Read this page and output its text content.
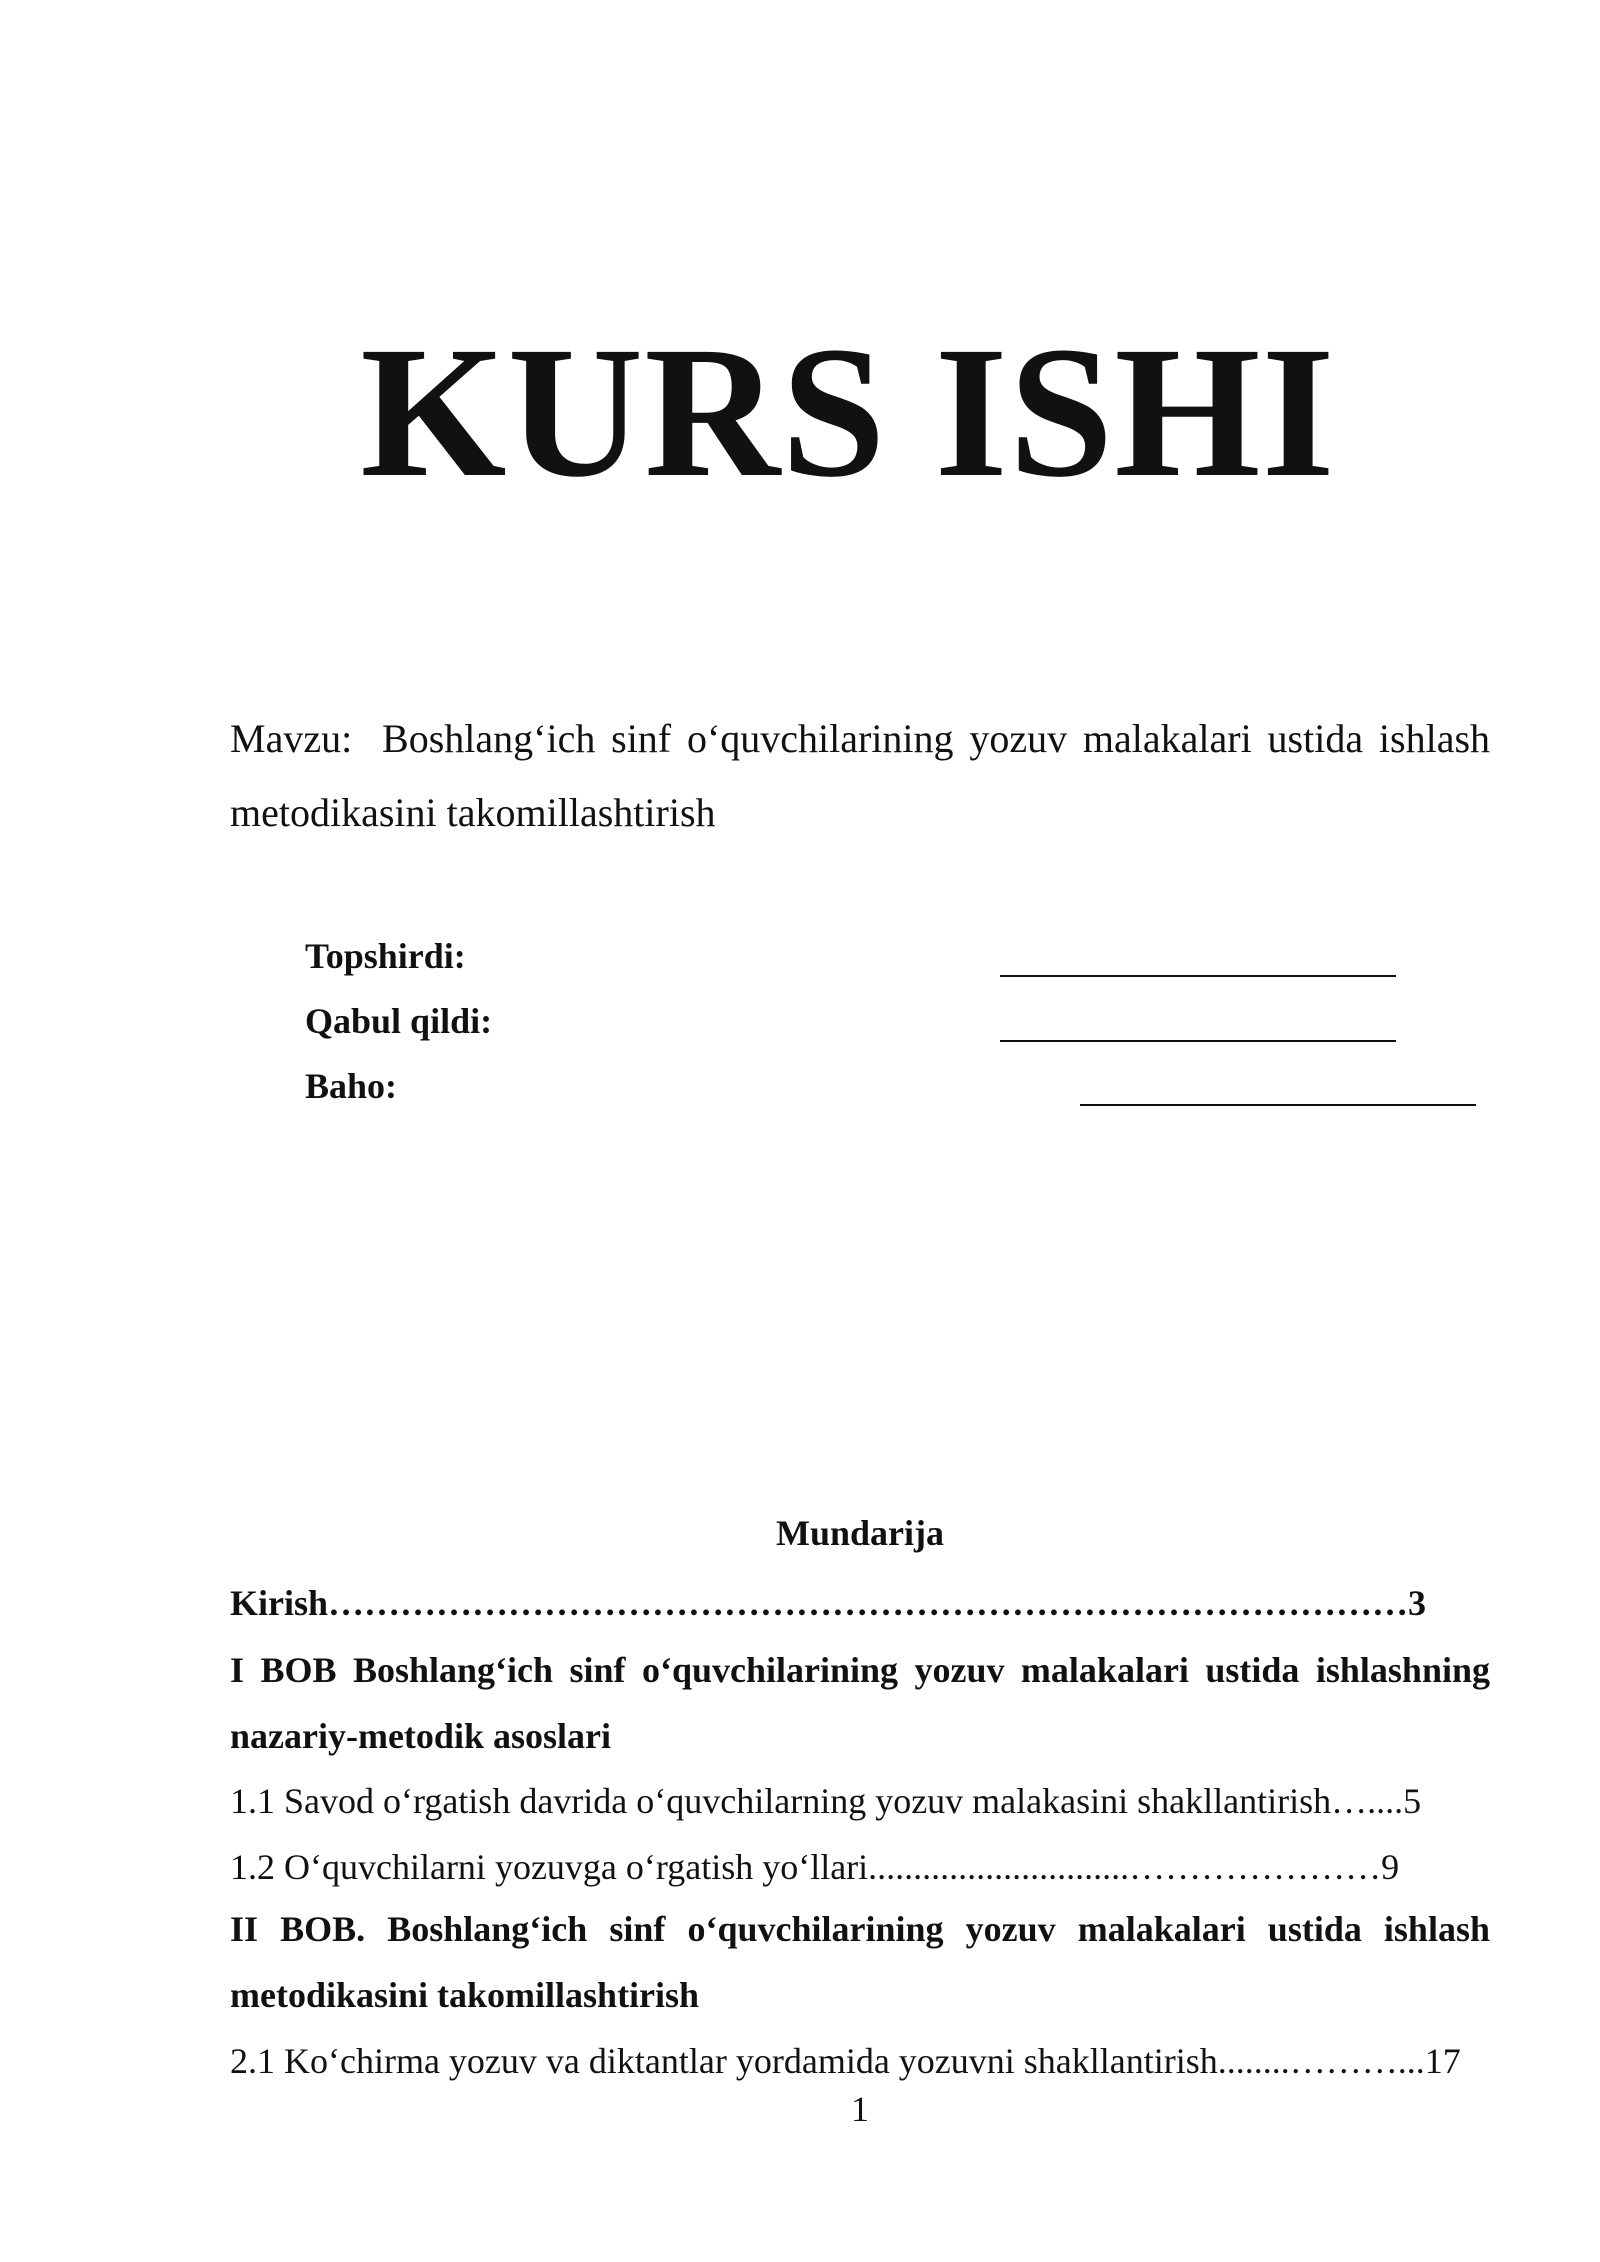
KURS ISHI
Mavzu: Boshlang‘ich sinf o‘quvchilarining yozuv malakalari ustida ishlash metodikasini takomillashtirish
Topshirdi:
Qabul qildi:
Baho:
Mundarija
Kirish………………………………………………………………………………3
I BOB Boshlang‘ich sinf o‘quvchilarining yozuv malakalari ustida ishlashning nazariy-metodik asoslari
1.1 Savod o‘rgatish davrida o‘quvchilarning yozuv malakasini shakllantirish…....5
1.2 O‘quvchilarni yozuvga o‘rgatish yo‘llari.............................…………………9
II BOB. Boshlang‘ich sinf o‘quvchilarining yozuv malakalari ustida ishlash metodikasini takomillashtirish
2.1 Ko‘chirma yozuv va diktantlar yordamida yozuvni shakllantirish........………...17
1
